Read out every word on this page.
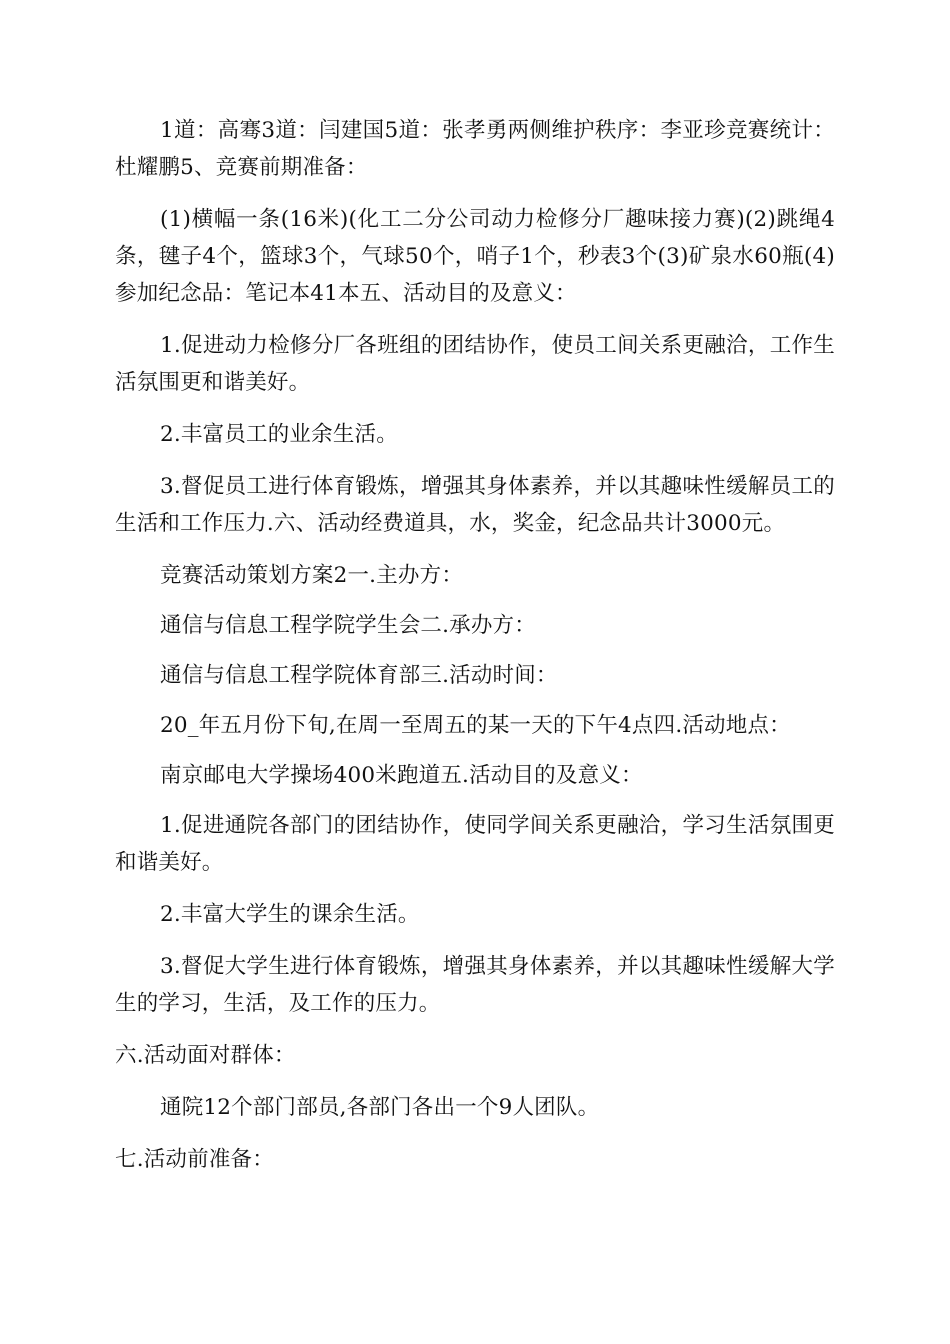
1道：高骞3道：闫建国5道：张孝勇两侧维护秩序：李亚珍竞赛统计：杜耀鹏5、竞赛前期准备：

(1)横幅一条(16米)(化工二分公司动力检修分厂趣味接力赛)(2)跳绳4条，毽子4个，篮球3个，气球50个，哨子1个，秒表3个(3)矿泉水60瓶(4)参加纪念品：笔记本41本五、活动目的及意义：

1.促进动力检修分厂各班组的团结协作，使员工间关系更融洽，工作生活氛围更和谐美好。

2.丰富员工的业余生活。

3.督促员工进行体育锻炼，增强其身体素养，并以其趣味性缓解员工的生活和工作压力.六、活动经费道具，水，奖金，纪念品共计3000元。

竞赛活动策划方案2一.主办方：

通信与信息工程学院学生会二.承办方：

通信与信息工程学院体育部三.活动时间：

20_年五月份下旬,在周一至周五的某一天的下午4点四.活动地点：

南京邮电大学操场400米跑道五.活动目的及意义：

1.促进通院各部门的团结协作，使同学间关系更融洽，学习生活氛围更和谐美好。

2.丰富大学生的课余生活。

3.督促大学生进行体育锻炼，增强其身体素养，并以其趣味性缓解大学生的学习，生活，及工作的压力。

六.活动面对群体：

通院12个部门部员,各部门各出一个9人团队。

七.活动前准备：
